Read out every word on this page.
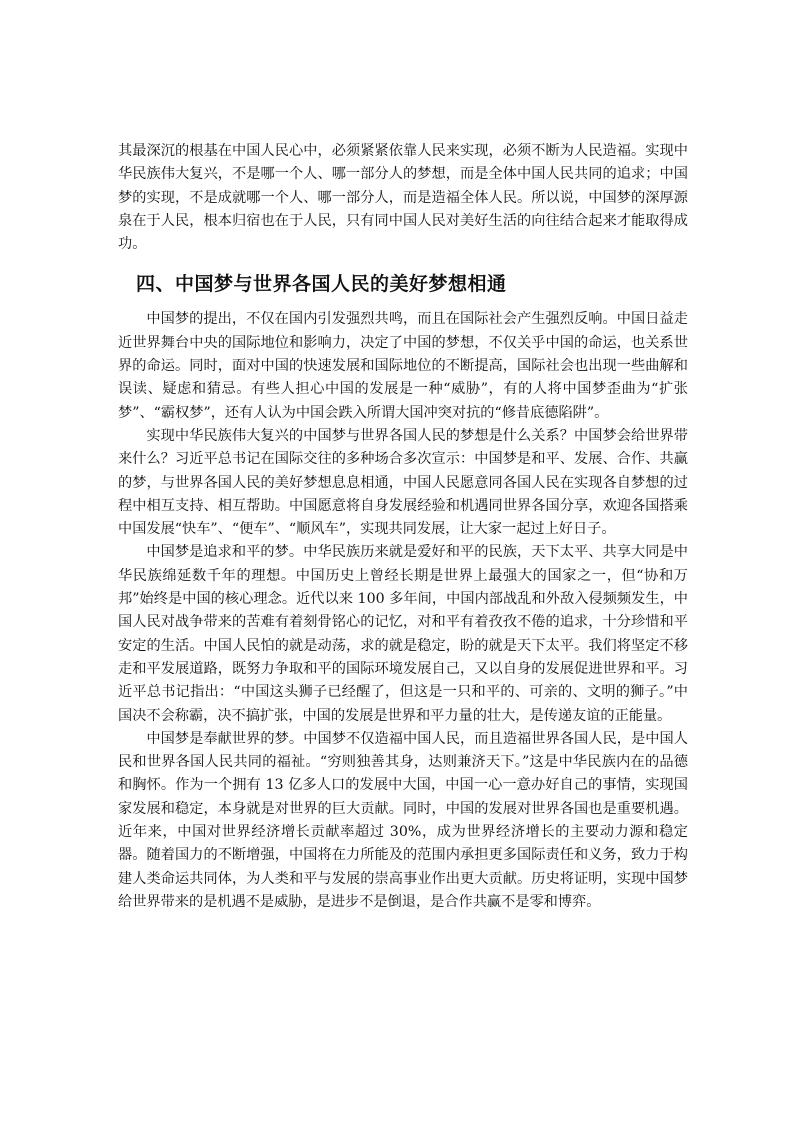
其最深沉的根基在中国人民心中，必须紧紧依靠人民来实现，必须不断为人民造福。实现中华民族伟大复兴，不是哪一个人、哪一部分人的梦想，而是全体中国人民共同的追求；中国梦的实现，不是成就哪一个人、哪一部分人，而是造福全体人民。所以说，中国梦的深厚源泉在于人民，根本归宿也在于人民，只有同中国人民对美好生活的向往结合起来才能取得成功。

四、中国梦与世界各国人民的美好梦想相通

中国梦的提出，不仅在国内引发强烈共鸣，而且在国际社会产生强烈反响。中国日益走近世界舞台中央的国际地位和影响力，决定了中国的梦想，不仅关乎中国的命运，也关系世界的命运。同时，面对中国的快速发展和国际地位的不断提高，国际社会也出现一些曲解和误读、疑虑和猜忌。有些人担心中国的发展是一种“威胁”，有的人将中国梦歪曲为“扩张梦”、“霸权梦”，还有人认为中国会跌入所谓大国冲突对抗的“修昔底德陷阱”。

实现中华民族伟大复兴的中国梦与世界各国人民的梦想是什么关系？中国梦会给世界带来什么？习近平总书记在国际交往的多种场合多次宣示：中国梦是和平、发展、合作、共赢的梦，与世界各国人民的美好梦想息息相通，中国人民愿意同各国人民在实现各自梦想的过程中相互支持、相互帮助。中国愿意将自身发展经验和机遇同世界各国分享，欢迎各国搭乘中国发展“快车”、“便车”、“顺风车”，实现共同发展，让大家一起过上好日子。

中国梦是追求和平的梦。中华民族历来就是爱好和平的民族，天下太平、共享大同是中华民族绵延数千年的理想。中国历史上曾经长期是世界上最强大的国家之一，但“协和万邦”始终是中国的核心理念。近代以来 100 多年间，中国内部战乱和外敌入侵频频发生，中国人民对战争带来的苦难有着刻骨铭心的记忆，对和平有着孜孜不倦的追求，十分珍惜和平安定的生活。中国人民怕的就是动荡，求的就是稳定，盼的就是天下太平。我们将坚定不移走和平发展道路，既努力争取和平的国际环境发展自己，又以自身的发展促进世界和平。习近平总书记指出：“中国这头狮子已经醒了，但这是一只和平的、可亲的、文明的狮子。”中国决不会称霸，决不搞扩张，中国的发展是世界和平力量的壮大，是传递友谊的正能量。

中国梦是奉献世界的梦。中国梦不仅造福中国人民，而且造福世界各国人民，是中国人民和世界各国人民共同的福祉。“穷则独善其身，达则兼济天下。”这是中华民族内在的品德和胸怀。作为一个拥有 13 亿多人口的发展中大国，中国一心一意办好自己的事情，实现国家发展和稳定，本身就是对世界的巨大贡献。同时，中国的发展对世界各国也是重要机遇。近年来，中国对世界经济增长贡献率超过 30%，成为世界经济增长的主要动力源和稳定器。随着国力的不断增强，中国将在力所能及的范围内承担更多国际责任和义务，致力于构建人类命运共同体，为人类和平与发展的崇高事业作出更大贡献。历史将证明，实现中国梦给世界带来的是机遇不是威胁，是进步不是倒退，是合作共赢不是零和博弈。
